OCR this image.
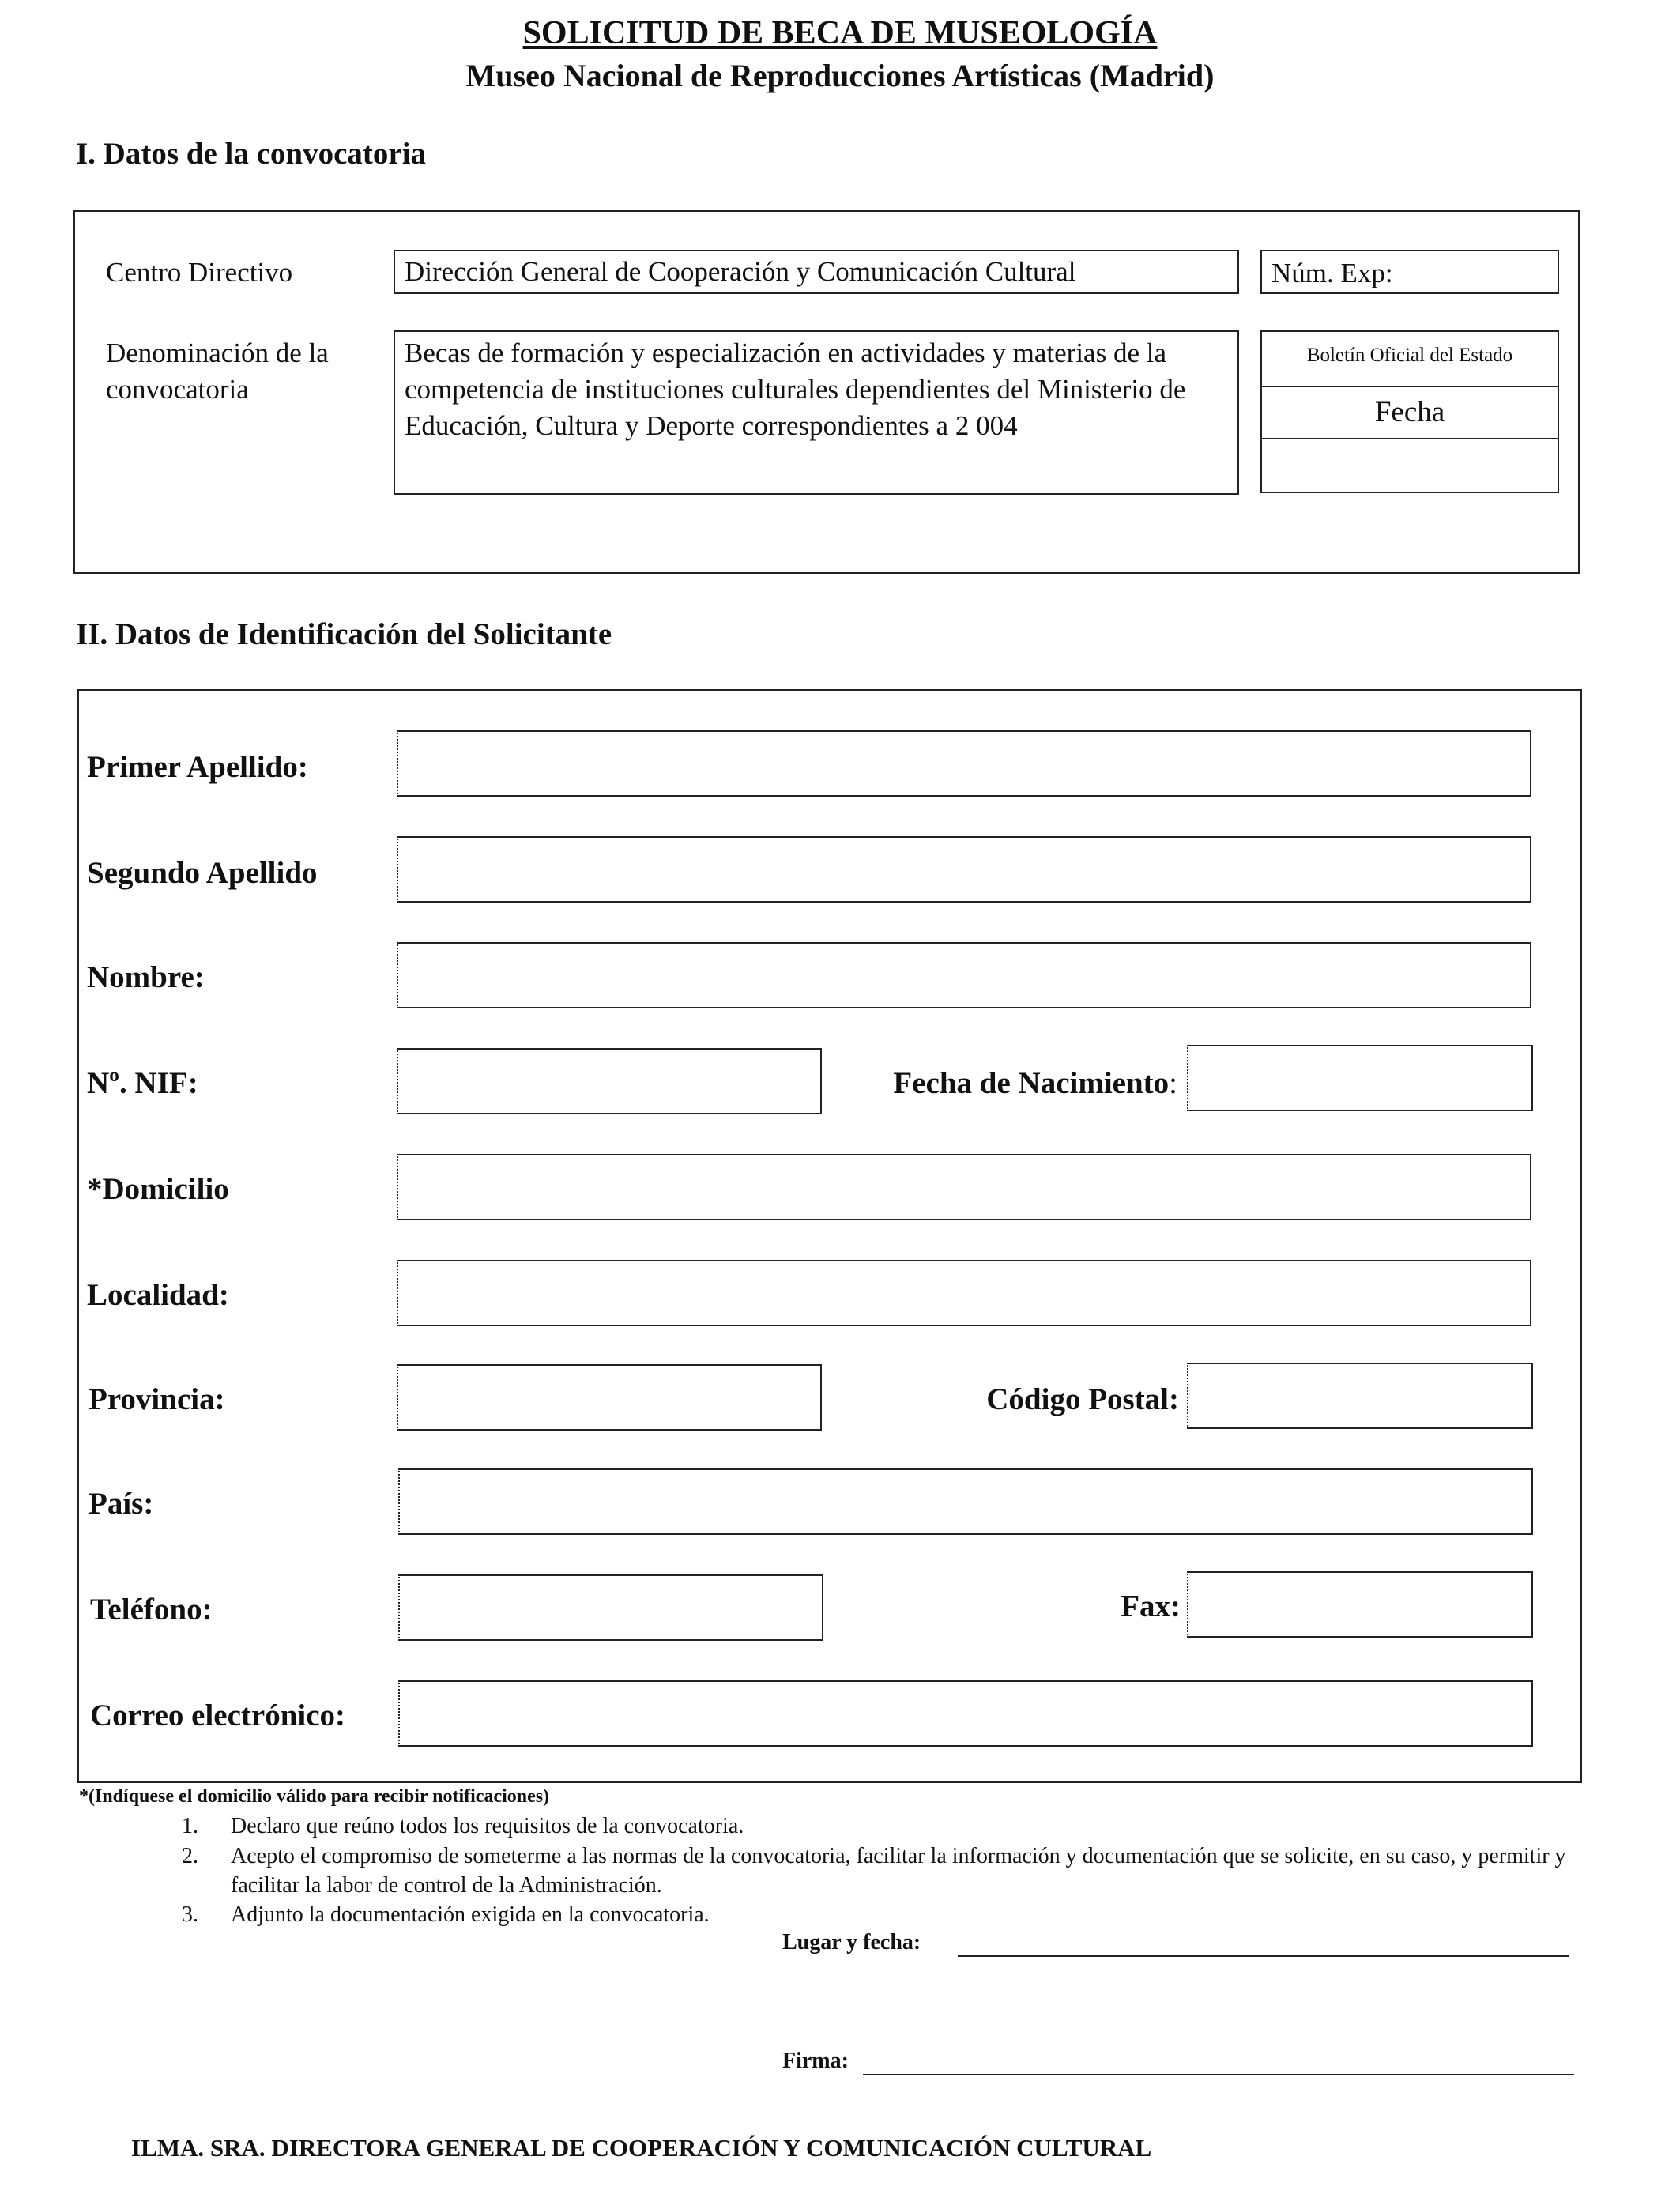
SOLICITUD DE BECA DE MUSEOLOGÍA
Museo Nacional de Reproducciones Artísticas (Madrid)
I. Datos de la convocatoria
Centro Directivo	Dirección General de Cooperación y Comunicación Cultural	Núm. Exp:
Denominación de la
convocatoria
Becas de formación y especialización en actividades y materias de la competencia de instituciones culturales dependientes del Ministerio de Educación, Cultura y Deporte correspondientes a 2 004
Boletín Oficial del Estado
Fecha
II. Datos de Identificación del Solicitante
Primer Apellido:
Segundo Apellido
Nombre:
Nº. NIF:	Fecha de Nacimiento:
*Domicilio
Localidad:
Provincia:	Código Postal:
País:
Teléfono:	Fax:
Correo electrónico:
*(Indíquese el domicilio válido para recibir notificaciones)
1. Declaro que reúno todos los requisitos de la convocatoria.
2. Acepto el compromiso de someterme a las normas de la convocatoria, facilitar la información y documentación que se solicite, en su caso, y permitir y facilitar la labor de control de la Administración.
3. Adjunto la documentación exigida en la convocatoria.
Lugar y fecha:
Firma:
ILMA. SRA. DIRECTORA GENERAL DE COOPERACIÓN Y COMUNICACIÓN CULTURAL
